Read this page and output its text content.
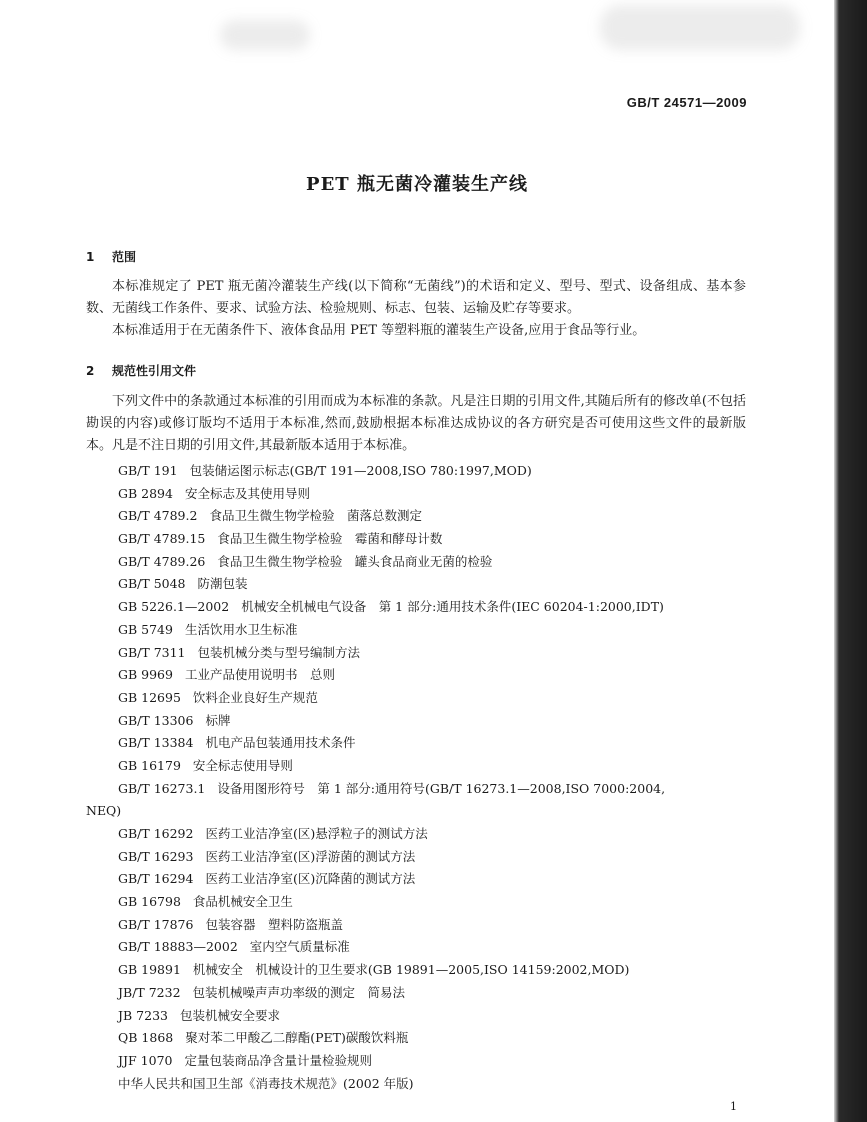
GB/T 24571—2009
PET 瓶无菌冷灌装生产线
1 范围
本标准规定了 PET 瓶无菌冷灌装生产线(以下简称“无菌线”)的术语和定义、型号、型式、设备组成、基本参数、无菌线工作条件、要求、试验方法、检验规则、标志、包装、运输及贮存等要求。
本标准适用于在无菌条件下、液体食品用 PET 等塑料瓶的灌装生产设备,应用于食品等行业。
2 规范性引用文件
下列文件中的条款通过本标准的引用而成为本标准的条款。凡是注日期的引用文件,其随后所有的修改单(不包括勘误的内容)或修订版均不适用于本标准,然而,鼓励根据本标准达成协议的各方研究是否可使用这些文件的最新版本。凡是不注日期的引用文件,其最新版本适用于本标准。
GB/T 191 包装储运图示标志(GB/T 191—2008,ISO 780:1997,MOD)
GB 2894 安全标志及其使用导则
GB/T 4789.2 食品卫生微生物学检验　菌落总数测定
GB/T 4789.15 食品卫生微生物学检验　霉菌和酵母计数
GB/T 4789.26 食品卫生微生物学检验　罐头食品商业无菌的检验
GB/T 5048 防潮包装
GB 5226.1—2002 机械安全机械电气设备　第 1 部分:通用技术条件(IEC 60204-1:2000,IDT)
GB 5749 生活饮用水卫生标准
GB/T 7311 包装机械分类与型号编制方法
GB 9969 工业产品使用说明书　总则
GB 12695 饮料企业良好生产规范
GB/T 13306 标牌
GB/T 13384 机电产品包装通用技术条件
GB 16179 安全标志使用导则
GB/T 16273.1 设备用图形符号　第 1 部分:通用符号(GB/T 16273.1—2008,ISO 7000:2004,
NEQ)
GB/T 16292 医药工业洁净室(区)悬浮粒子的测试方法
GB/T 16293 医药工业洁净室(区)浮游菌的测试方法
GB/T 16294 医药工业洁净室(区)沉降菌的测试方法
GB 16798 食品机械安全卫生
GB/T 17876 包装容器　塑料防盗瓶盖
GB/T 18883—2002 室内空气质量标准
GB 19891 机械安全　机械设计的卫生要求(GB 19891—2005,ISO 14159:2002,MOD)
JB/T 7232 包装机械噪声声功率级的测定　简易法
JB 7233 包装机械安全要求
QB 1868 聚对苯二甲酸乙二醇酯(PET)碳酸饮料瓶
JJF 1070 定量包装商品净含量计量检验规则
中华人民共和国卫生部《消毒技术规范》(2002 年版)
1
